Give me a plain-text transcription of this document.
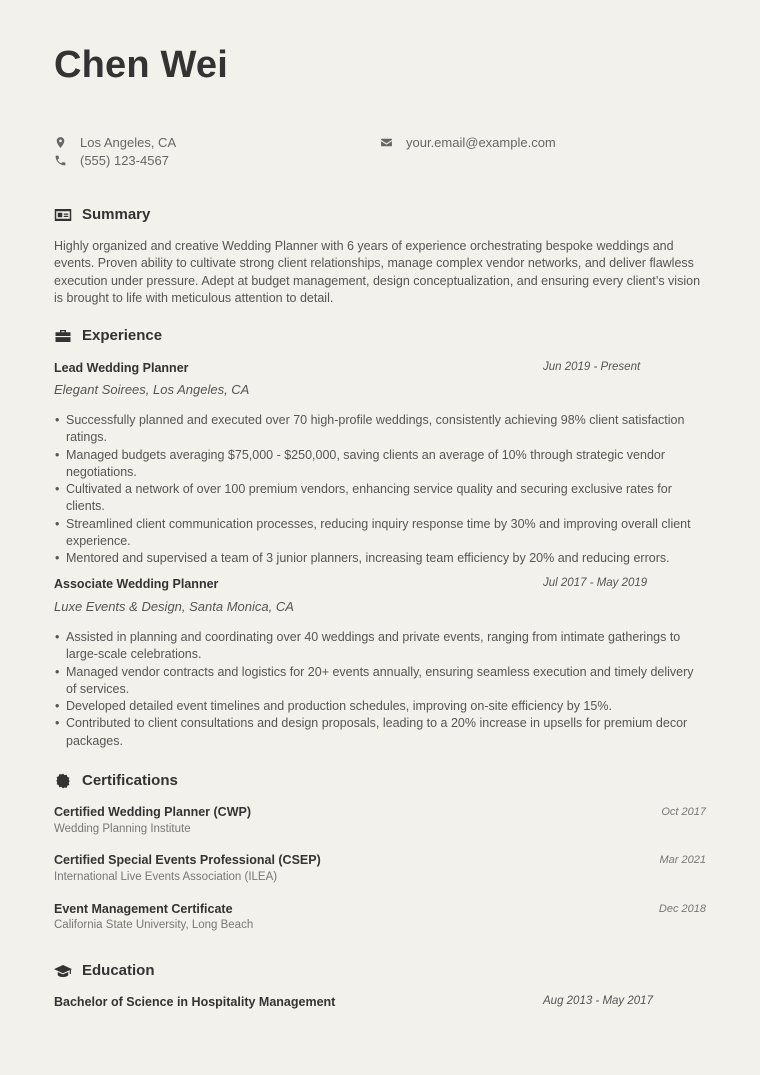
Chen Wei
Los Angeles, CA
(555) 123-4567
your.email@example.com
Summary

Highly organized and creative Wedding Planner with 6 years of experience orchestrating bespoke weddings and events. Proven ability to cultivate strong client relationships, manage complex vendor networks, and deliver flawless execution under pressure. Adept at budget management, design conceptualization, and ensuring every client’s vision is brought to life with meticulous attention to detail.

Experience
Lead Wedding Planner	Jun 2019 - Present
Elegant Soirees, Los Angeles, CA
• Successfully planned and executed over 70 high-profile weddings, consistently achieving 98% client satisfaction ratings.
• Managed budgets averaging $75,000 - $250,000, saving clients an average of 10% through strategic vendor negotiations.
• Cultivated a network of over 100 premium vendors, enhancing service quality and securing exclusive rates for clients.
• Streamlined client communication processes, reducing inquiry response time by 30% and improving overall client experience.
• Mentored and supervised a team of 3 junior planners, increasing team efficiency by 20% and reducing errors.
Associate Wedding Planner	Jul 2017 - May 2019
Luxe Events & Design, Santa Monica, CA
• Assisted in planning and coordinating over 40 weddings and private events, ranging from intimate gatherings to large-scale celebrations.
• Managed vendor contracts and logistics for 20+ events annually, ensuring seamless execution and timely delivery of services.
• Developed detailed event timelines and production schedules, improving on-site efficiency by 15%.
• Contributed to client consultations and design proposals, leading to a 20% increase in upsells for premium decor packages.
Certifications
Certified Wedding Planner (CWP)	Oct 2017
Wedding Planning Institute
Certified Special Events Professional (CSEP)	Mar 2021
International Live Events Association (ILEA)
Event Management Certificate	Dec 2018
California State University, Long Beach
Education
Bachelor of Science in Hospitality Management	Aug 2013 - May 2017
